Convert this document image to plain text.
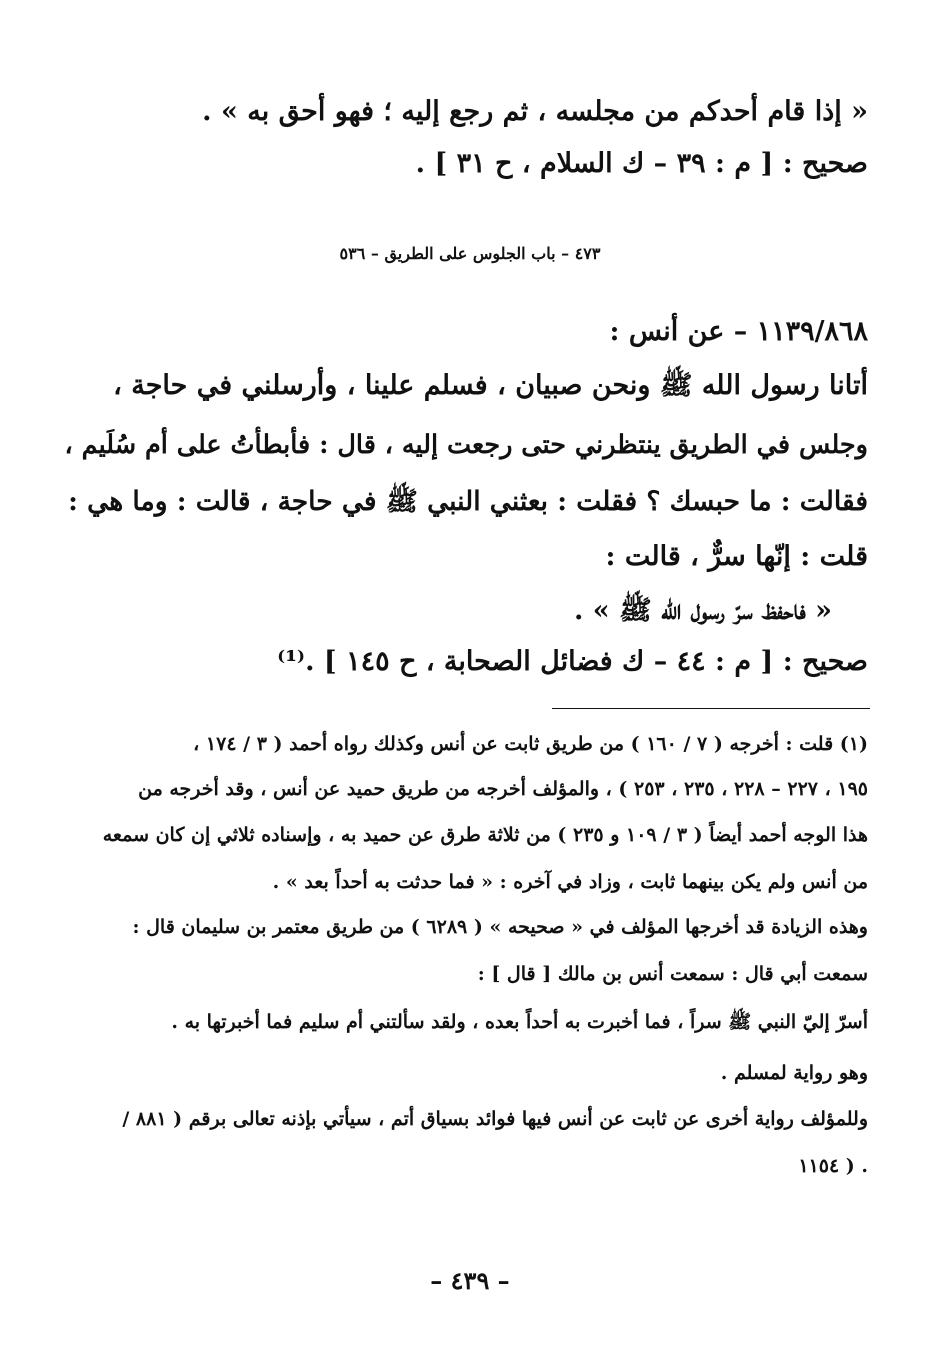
« إذا قام أحدكم من مجلسه ، ثم رجع إليه ؛ فهو أحق به » .
صحيح : [ م : ٣٩ – ك السلام ، ح ٣١ ] .
٤٧٣ – باب الجلوس على الطريق – ٥٣٦
١١٣٩/٨٦٨ – عن أنس :
أتانا رسول الله ﷺ ونحن صبيان ، فسلم علينا ، وأرسلني في حاجة ،
وجلس في الطريق ينتظرني حتى رجعت إليه ، قال : فأبطأتُ على أم سُلَيم ،
فقالت : ما حبسك ؟ فقلت : بعثني النبي ﷺ في حاجة ، قالت : وما هي :
قلت : إنّها سرٌّ ، قالت :
« فاحفظ سرّ رسول الله ﷺ » .
صحيح : [ م : ٤٤ – ك فضائل الصحابة ، ح ١٤٥ ] .⁽¹⁾
(١) قلت : أخرجه ( ٧ / ١٦٠ ) من طريق ثابت عن أنس وكذلك رواه أحمد ( ٣ / ١٧٤ ،
١٩٥ ، ٢٢٧ – ٢٢٨ ، ٢٣٥ ، ٢٥٣ ) ، والمؤلف أخرجه من طريق حميد عن أنس ، وقد أخرجه من
هذا الوجه أحمد أيضاً ( ٣ / ١٠٩ و ٢٣٥ ) من ثلاثة طرق عن حميد به ، وإسناده ثلاثي إن كان سمعه
من أنس ولم يكن بينهما ثابت ، وزاد في آخره : « فما حدثت به أحداً بعد » .
وهذه الزيادة قد أخرجها المؤلف في « صحيحه » ( ٦٢٨٩ ) من طريق معتمر بن سليمان قال :
سمعت أبي قال : سمعت أنس بن مالك [ قال ] :
أسرّ إليّ النبي ﷺ سراً ، فما أخبرت به أحداً بعده ، ولقد سألتني أم سليم فما أخبرتها به .
وهو رواية لمسلم .
وللمؤلف رواية أخرى عن ثابت عن أنس فيها فوائد بسياق أتم ، سيأتي بإذنه تعالى برقم ( ٨٨١ /
١١٥٤ ) .
– ٤٣٩ –
